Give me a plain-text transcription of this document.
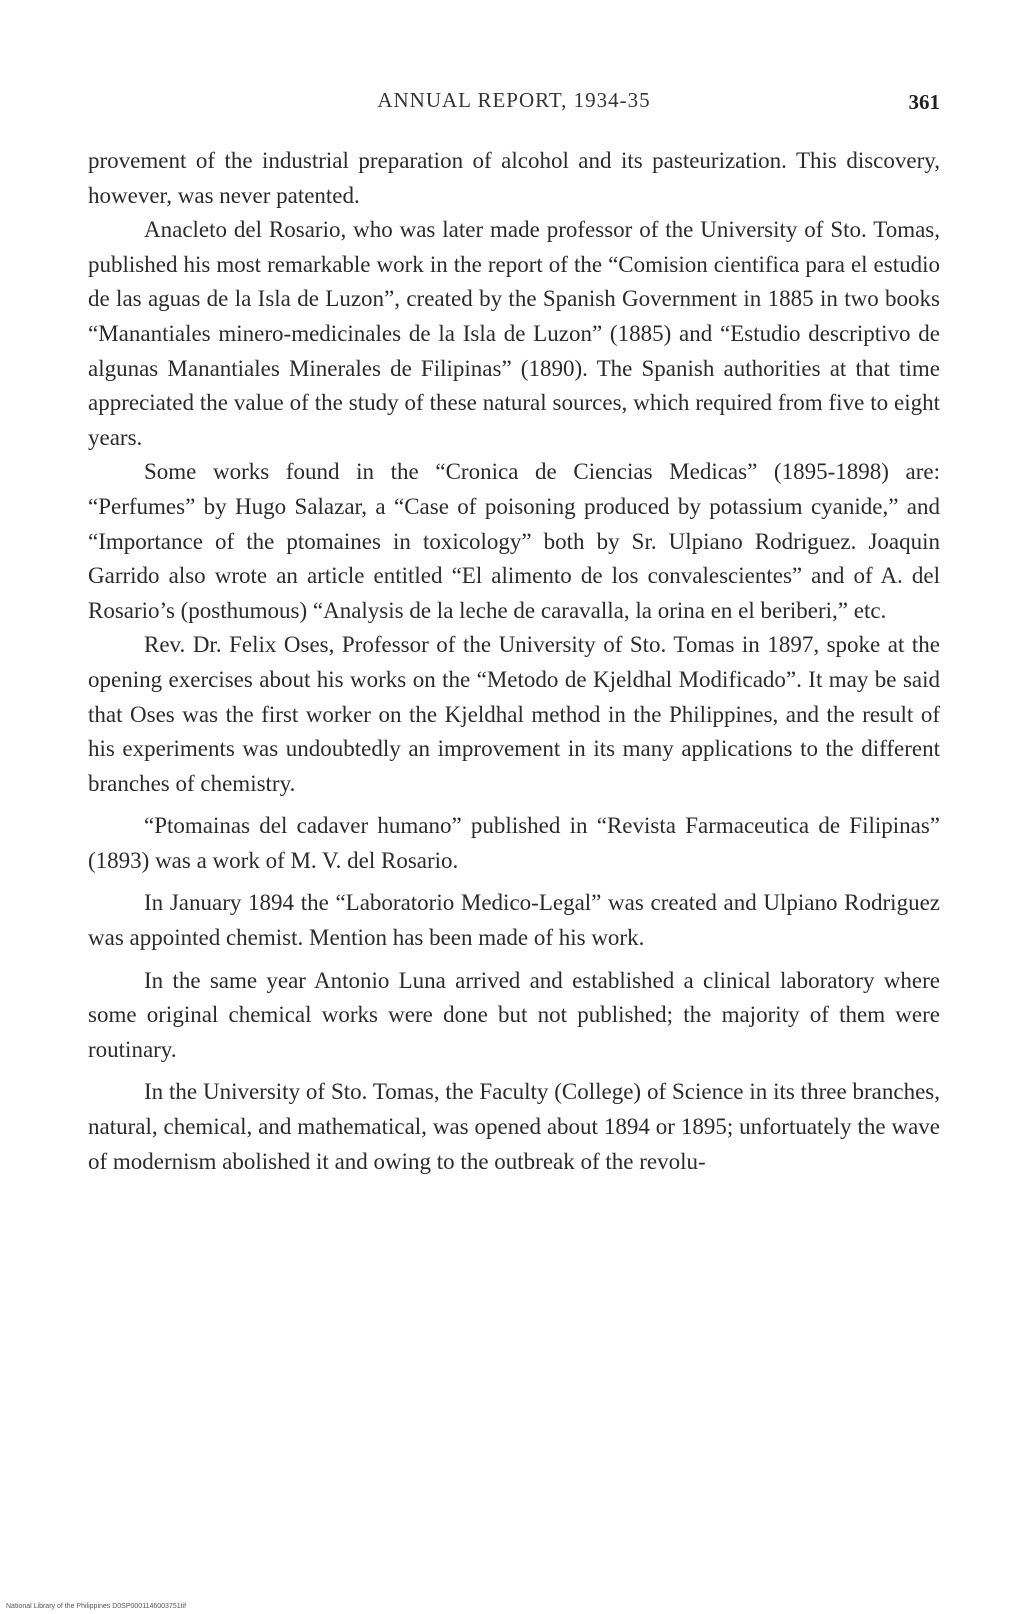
ANNUAL REPORT, 1934-35	361

provement of the industrial preparation of alcohol and its pasteurization. This discovery, however, was never patented.

Anacleto del Rosario, who was later made professor of the University of Sto. Tomas, published his most remarkable work in the report of the “Comision cientifica para el estudio de las aguas de la Isla de Luzon”, created by the Spanish Government in 1885 in two books “Manantiales minero-medicinales de la Isla de Luzon” (1885) and “Estudio descriptivo de algunas Manantiales Minerales de Filipinas” (1890). The Spanish authorities at that time appreciated the value of the study of these natural sources, which required from five to eight years.

Some works found in the “Cronica de Ciencias Medicas” (1895-1898) are: “Perfumes” by Hugo Salazar, a “Case of poisoning produced by potassium cyanide,” and “Importance of the ptomaines in toxicology” both by Sr. Ulpiano Rodriguez. Joaquin Garrido also wrote an article entitled “El alimento de los convalescientes” and of A. del Rosario’s (posthumous) “Analysis de la leche de caravalla, la orina en el beriberi,” etc.

Rev. Dr. Felix Oses, Professor of the University of Sto. Tomas in 1897, spoke at the opening exercises about his works on the “Metodo de Kjeldhal Modificado”. It may be said that Oses was the first worker on the Kjeldhal method in the Philippines, and the result of his experiments was undoubtedly an improvement in its many applications to the different branches of chemistry.

“Ptomainas del cadaver humano” published in “Revista Farmaceutica de Filipinas” (1893) was a work of M. V. del Rosario.

In January 1894 the “Laboratorio Medico-Legal” was created and Ulpiano Rodriguez was appointed chemist. Mention has been made of his work.

In the same year Antonio Luna arrived and established a clinical laboratory where some original chemical works were done but not published; the majority of them were routinary.

In the University of Sto. Tomas, the Faculty (College) of Science in its three branches, natural, chemical, and mathematical, was opened about 1894 or 1895; unfortuately the wave of modernism abolished it and owing to the outbreak of the revolu-

National Library of the Philippines D0SP0001146003751tif
